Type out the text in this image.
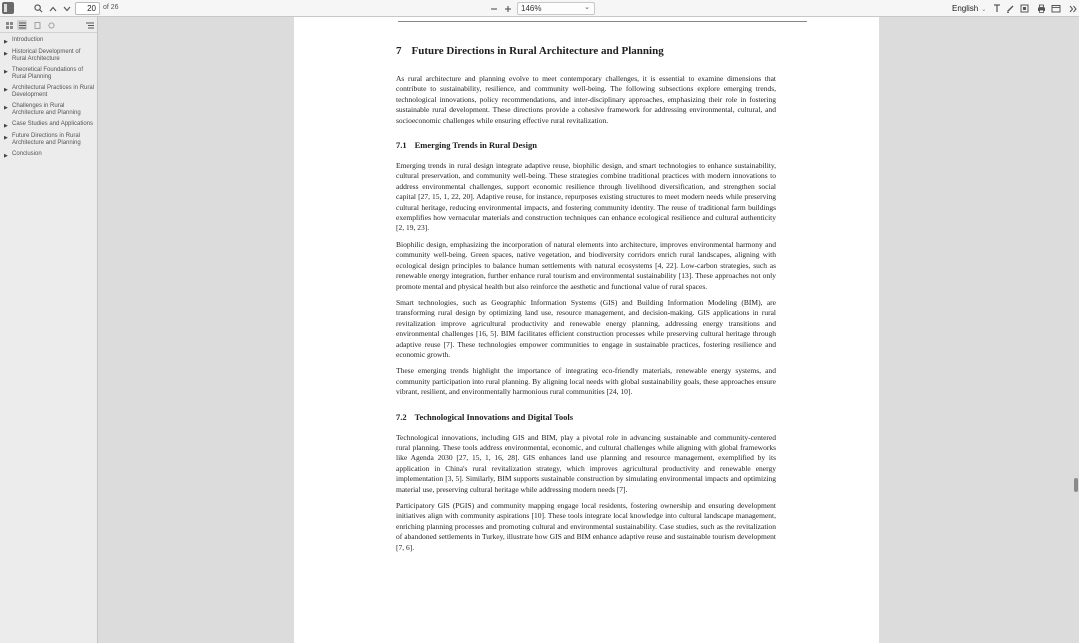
20
of 26	146%	⌄	English ⌄
▶ Introduction
▶ Historical Development of Rural Architecture
▶ Theoretical Foundations of Rural Planning
▶ Architectural Practices in Rural Development
▶ Challenges in Rural Architecture and Planning
▶ Case Studies and Applications
▶ Future Directions in Rural Architecture and Planning
▶ Conclusion
7 Future Directions in Rural Architecture and Planning

As rural architecture and planning evolve to meet contemporary challenges, it is essential to examine dimensions that contribute to sustainability, resilience, and community well-being. The following subsections explore emerging trends, technological innovations, policy recommendations, and inter-disciplinary approaches, emphasizing their role in fostering sustainable rural development. These directions provide a cohesive framework for addressing environmental, cultural, and socioeconomic challenges while ensuring effective rural revitalization.

7.1 Emerging Trends in Rural Design

Emerging trends in rural design integrate adaptive reuse, biophilic design, and smart technologies to enhance sustainability, cultural preservation, and community well-being. These strategies combine traditional practices with modern innovations to address environmental challenges, support economic resilience through livelihood diversification, and strengthen social capital [27, 15, 1, 22, 20]. Adaptive reuse, for instance, repurposes existing structures to meet modern needs while preserving cultural heritage, reducing environmental impacts, and fostering community identity. The reuse of traditional farm buildings exemplifies how vernacular materials and construction techniques can enhance ecological resilience and cultural authenticity [2, 19, 23].

Biophilic design, emphasizing the incorporation of natural elements into architecture, improves environmental harmony and community well-being. Green spaces, native vegetation, and biodiversity corridors enrich rural landscapes, aligning with ecological design principles to balance human settlements with natural ecosystems [4, 22]. Low-carbon strategies, such as renewable energy integration, further enhance rural tourism and environmental sustainability [13]. These approaches not only promote mental and physical health but also reinforce the aesthetic and functional value of rural spaces.

Smart technologies, such as Geographic Information Systems (GIS) and Building Information Modeling (BIM), are transforming rural design by optimizing land use, resource management, and decision-making. GIS applications in rural revitalization improve agricultural productivity and renewable energy planning, addressing energy transitions and environmental challenges [16, 5]. BIM facilitates efficient construction processes while preserving cultural heritage through adaptive reuse [7]. These technologies empower communities to engage in sustainable practices, fostering resilience and economic growth.

These emerging trends highlight the importance of integrating eco-friendly materials, renewable energy systems, and community participation into rural planning. By aligning local needs with global sustainability goals, these approaches ensure vibrant, resilient, and environmentally harmonious rural communities [24, 10].

7.2 Technological Innovations and Digital Tools

Technological innovations, including GIS and BIM, play a pivotal role in advancing sustainable and community-centered rural planning. These tools address environmental, economic, and cultural challenges while aligning with global frameworks like Agenda 2030 [27, 15, 1, 16, 28]. GIS enhances land use planning and resource management, exemplified by its application in China's rural revitalization strategy, which improves agricultural productivity and renewable energy implementation [3, 5]. Similarly, BIM supports sustainable construction by simulating environmental impacts and optimizing material use, preserving cultural heritage while addressing modern needs [7].

Participatory GIS (PGIS) and community mapping engage local residents, fostering ownership and ensuring development initiatives align with community aspirations [10]. These tools integrate local knowledge into cultural landscape management, enriching planning processes and promoting cultural and environmental sustainability. Case studies, such as the revitalization of abandoned settlements in Turkey, illustrate how GIS and BIM enhance adaptive reuse and sustainable tourism development [7, 6].
